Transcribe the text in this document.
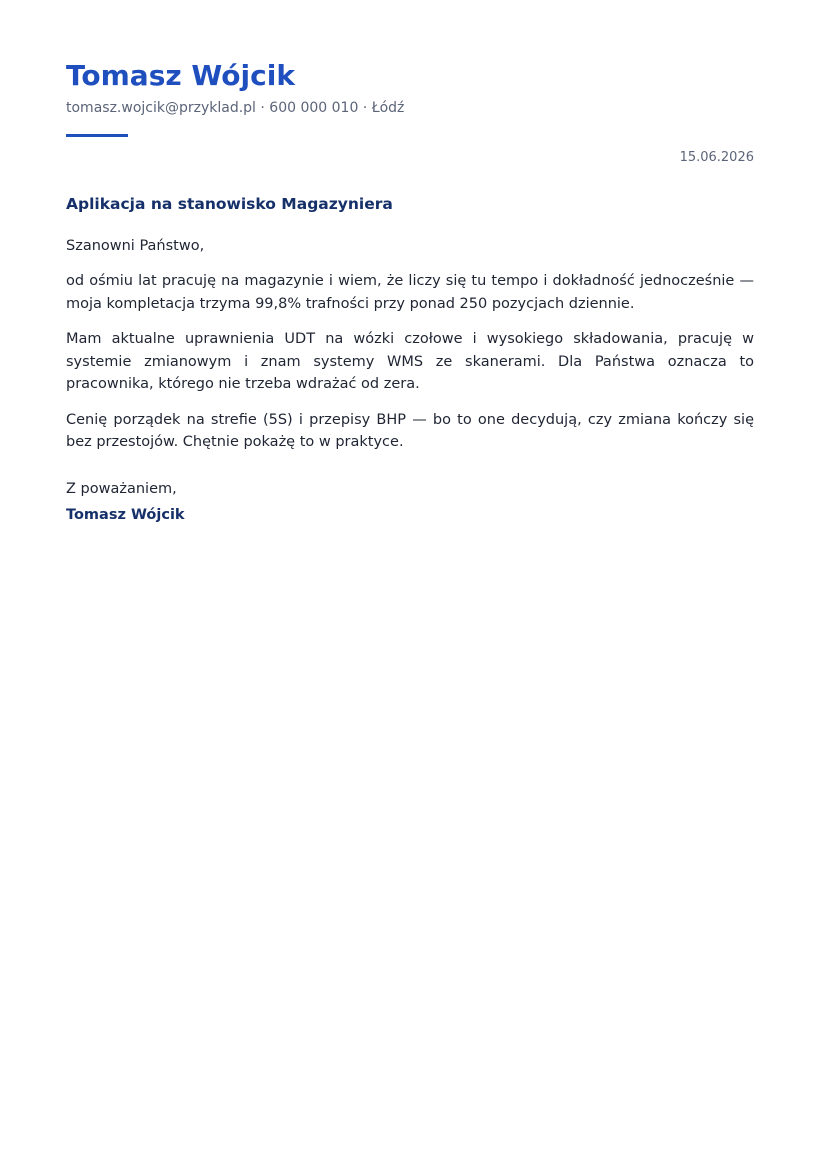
Tomasz Wójcik
tomasz.wojcik@przyklad.pl · 600 000 010 · Łódź
15.06.2026
Aplikacja na stanowisko Magazyniera
Szanowni Państwo,
od ośmiu lat pracuję na magazynie i wiem, że liczy się tu tempo i dokładność jednocześnie — moja kompletacja trzyma 99,8% trafności przy ponad 250 pozycjach dziennie.
Mam aktualne uprawnienia UDT na wózki czołowe i wysokiego składowania, pracuję w systemie zmianowym i znam systemy WMS ze skanerami. Dla Państwa oznacza to pracownika, którego nie trzeba wdrażać od zera.
Cenię porządek na strefie (5S) i przepisy BHP — bo to one decydują, czy zmiana kończy się bez przestojów. Chętnie pokażę to w praktyce.
Z poważaniem,
Tomasz Wójcik
